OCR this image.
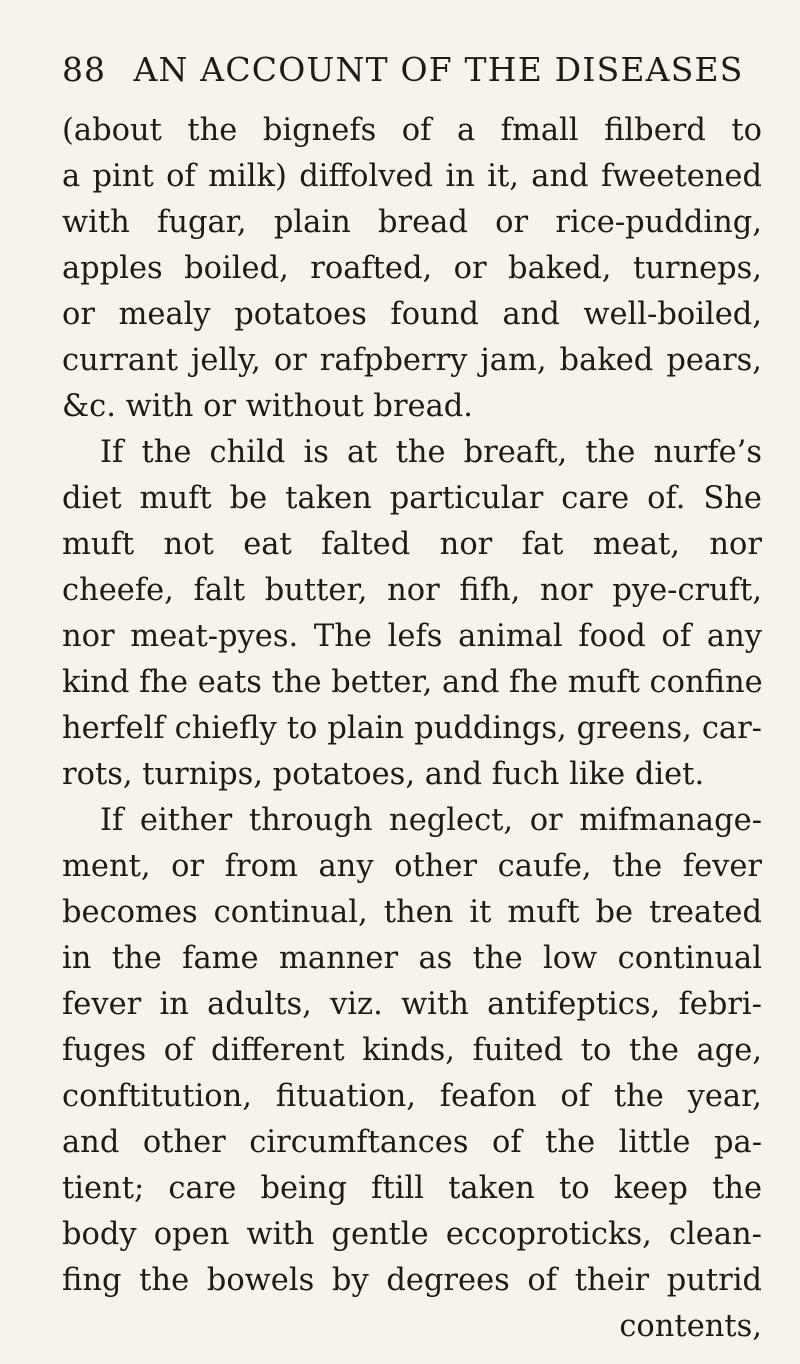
88 AN ACCOUNT OF THE DISEASES
(about the bignefs of a fmall filberd to
a pint of milk) diffolved in it, and fweetened
with fugar, plain bread or rice-pudding,
apples boiled, roafted, or baked, turneps,
or mealy potatoes found and well-boiled,
currant jelly, or rafpberry jam, baked pears,
&c. with or without bread.
If the child is at the breaft, the nurfe’s
diet muft be taken particular care of. She
muft not eat falted nor fat meat, nor
cheefe, falt butter, nor fifh, nor pye-cruft,
nor meat-pyes. The lefs animal food of any
kind fhe eats the better, and fhe muft confine
herfelf chiefly to plain puddings, greens, car-
rots, turnips, potatoes, and fuch like diet.
If either through neglect, or mifmanage-
ment, or from any other caufe, the fever
becomes continual, then it muft be treated
in the fame manner as the low continual
fever in adults, viz. with antifeptics, febri-
fuges of different kinds, fuited to the age,
conftitution, fituation, feafon of the year,
and other circumftances of the little pa-
tient; care being ftill taken to keep the
body open with gentle eccoproticks, clean-
fing the bowels by degrees of their putrid
contents,
